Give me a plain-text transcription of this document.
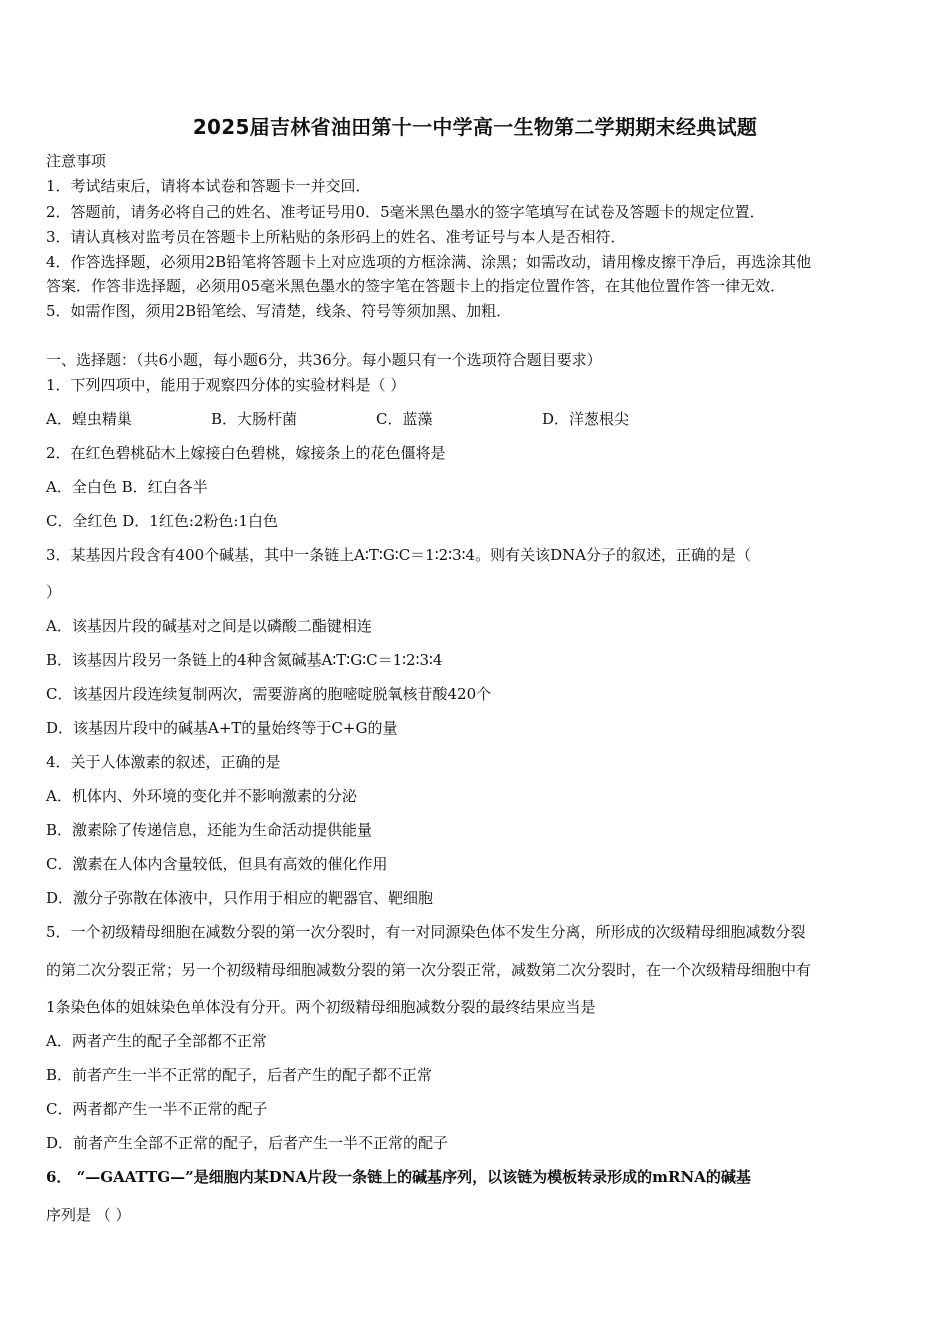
2025届吉林省油田第十一中学高一生物第二学期期末经典试题
注意事项
1．考试结束后，请将本试卷和答题卡一并交回．
2．答题前，请务必将自己的姓名、准考证号用0．5毫米黑色墨水的签字笔填写在试卷及答题卡的规定位置．
3．请认真核对监考员在答题卡上所粘贴的条形码上的姓名、准考证号与本人是否相符．
4．作答选择题，必须用2B铅笔将答题卡上对应选项的方框涂满、涂黑；如需改动，请用橡皮擦干净后，再选涂其他
答案．作答非选择题，必须用05毫米黑色墨水的签字笔在答题卡上的指定位置作答，在其他位置作答一律无效．
5．如需作图，须用2B铅笔绘、写清楚，线条、符号等须加黑、加粗．
一、选择题：（共6小题，每小题6分，共36分。每小题只有一个选项符合题目要求）
1．下列四项中，能用于观察四分体的实验材料是（ ）
A．蝗虫精巢	B．大肠杆菌	C．蓝藻	D．洋葱根尖
2．在红色碧桃砧木上嫁接白色碧桃，嫁接条上的花色僵将是
A．全白色 B．红白各半
C．全红色 D．1红色:2粉色:1白色
3．某基因片段含有400个碱基，其中一条链上A∶T∶G∶C＝1∶2∶3∶4。则有关该DNA分子的叙述，正确的是（
）
A．该基因片段的碱基对之间是以磷酸二酯键相连
B．该基因片段另一条链上的4种含氮碱基A∶T∶G∶C＝1∶2∶3∶4
C．该基因片段连续复制两次，需要游离的胞嘧啶脱氧核苷酸420个
D．该基因片段中的碱基A+T的量始终等于C+G的量
4．关于人体激素的叙述，正确的是
A．机体内、外环境的变化并不影响激素的分泌
B．激素除了传递信息，还能为生命活动提供能量
C．激素在人体内含量较低，但具有高效的催化作用
D．激分子弥散在体液中，只作用于相应的靶器官、靶细胞
5．一个初级精母细胞在减数分裂的第一次分裂时，有一对同源染色体不发生分离，所形成的次级精母细胞减数分裂
的第二次分裂正常；另一个初级精母细胞减数分裂的第一次分裂正常，减数第二次分裂时，在一个次级精母细胞中有
1条染色体的姐妹染色单体没有分开。两个初级精母细胞减数分裂的最终结果应当是
A．两者产生的配子全部都不正常
B．前者产生一半不正常的配子，后者产生的配子都不正常
C．两者都产生一半不正常的配子
D．前者产生全部不正常的配子，后者产生一半不正常的配子
6． “—GAATTG—”是细胞内某DNA片段一条链上的碱基序列，以该链为模板转录形成的mRNA的碱基
序列是 （ ）
